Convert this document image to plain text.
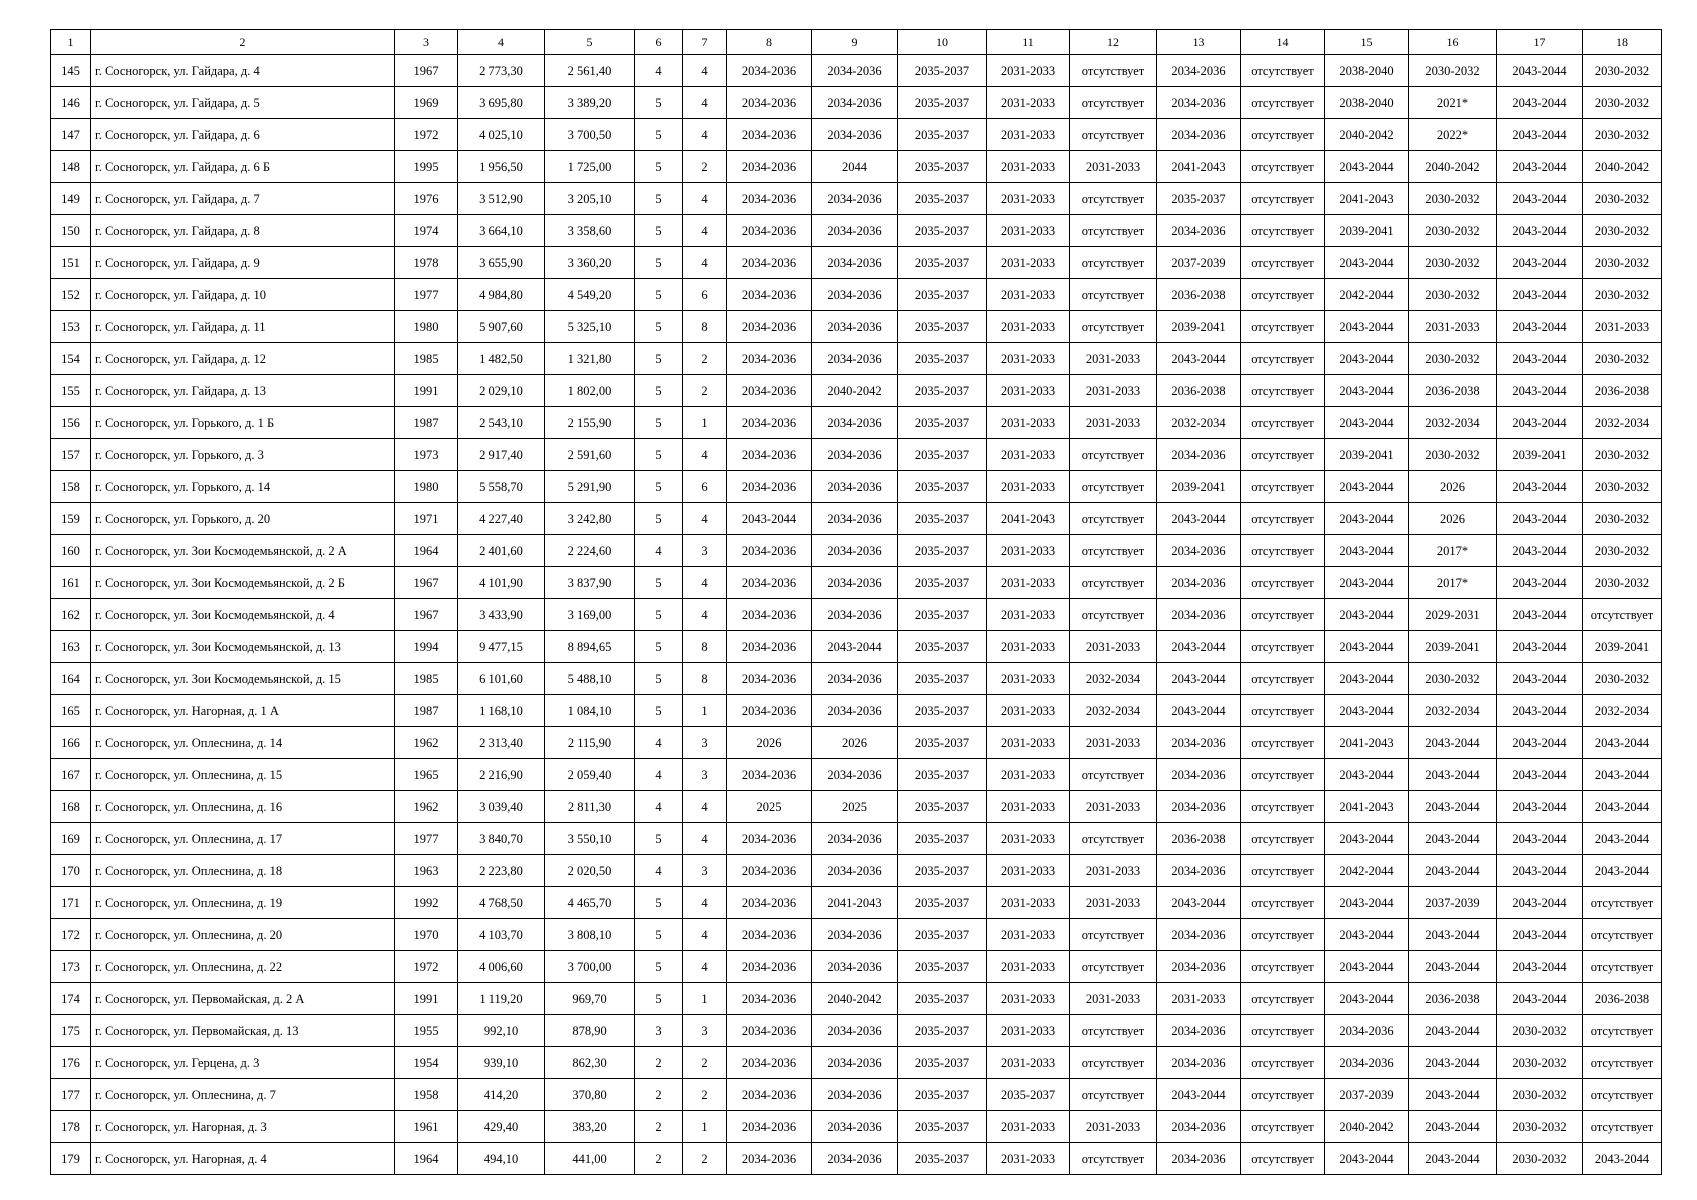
1	2	3	4	5	6	7	8	9	10	11	12	13	14	15	16	17	18
145	г. Сосногорск, ул. Гайдара, д. 4	1967	2 773,30	2 561,40	4	4	2034-2036	2034-2036	2035-2037	2031-2033	отсутствует	2034-2036	отсутствует	2038-2040	2030-2032	2043-2044	2030-2032
146	г. Сосногорск, ул. Гайдара, д. 5	1969	3 695,80	3 389,20	5	4	2034-2036	2034-2036	2035-2037	2031-2033	отсутствует	2034-2036	отсутствует	2038-2040	2021*	2043-2044	2030-2032
147	г. Сосногорск, ул. Гайдара, д. 6	1972	4 025,10	3 700,50	5	4	2034-2036	2034-2036	2035-2037	2031-2033	отсутствует	2034-2036	отсутствует	2040-2042	2022*	2043-2044	2030-2032
148	г. Сосногорск, ул. Гайдара, д. 6 Б	1995	1 956,50	1 725,00	5	2	2034-2036	2044	2035-2037	2031-2033	2031-2033	2041-2043	отсутствует	2043-2044	2040-2042	2043-2044	2040-2042
149	г. Сосногорск, ул. Гайдара, д. 7	1976	3 512,90	3 205,10	5	4	2034-2036	2034-2036	2035-2037	2031-2033	отсутствует	2035-2037	отсутствует	2041-2043	2030-2032	2043-2044	2030-2032
150	г. Сосногорск, ул. Гайдара, д. 8	1974	3 664,10	3 358,60	5	4	2034-2036	2034-2036	2035-2037	2031-2033	отсутствует	2034-2036	отсутствует	2039-2041	2030-2032	2043-2044	2030-2032
151	г. Сосногорск, ул. Гайдара, д. 9	1978	3 655,90	3 360,20	5	4	2034-2036	2034-2036	2035-2037	2031-2033	отсутствует	2037-2039	отсутствует	2043-2044	2030-2032	2043-2044	2030-2032
152	г. Сосногорск, ул. Гайдара, д. 10	1977	4 984,80	4 549,20	5	6	2034-2036	2034-2036	2035-2037	2031-2033	отсутствует	2036-2038	отсутствует	2042-2044	2030-2032	2043-2044	2030-2032
153	г. Сосногорск, ул. Гайдара, д. 11	1980	5 907,60	5 325,10	5	8	2034-2036	2034-2036	2035-2037	2031-2033	отсутствует	2039-2041	отсутствует	2043-2044	2031-2033	2043-2044	2031-2033
154	г. Сосногорск, ул. Гайдара, д. 12	1985	1 482,50	1 321,80	5	2	2034-2036	2034-2036	2035-2037	2031-2033	2031-2033	2043-2044	отсутствует	2043-2044	2030-2032	2043-2044	2030-2032
155	г. Сосногорск, ул. Гайдара, д. 13	1991	2 029,10	1 802,00	5	2	2034-2036	2040-2042	2035-2037	2031-2033	2031-2033	2036-2038	отсутствует	2043-2044	2036-2038	2043-2044	2036-2038
156	г. Сосногорск, ул. Горького, д. 1 Б	1987	2 543,10	2 155,90	5	1	2034-2036	2034-2036	2035-2037	2031-2033	2031-2033	2032-2034	отсутствует	2043-2044	2032-2034	2043-2044	2032-2034
157	г. Сосногорск, ул. Горького, д. 3	1973	2 917,40	2 591,60	5	4	2034-2036	2034-2036	2035-2037	2031-2033	отсутствует	2034-2036	отсутствует	2039-2041	2030-2032	2039-2041	2030-2032
158	г. Сосногорск, ул. Горького, д. 14	1980	5 558,70	5 291,90	5	6	2034-2036	2034-2036	2035-2037	2031-2033	отсутствует	2039-2041	отсутствует	2043-2044	2026	2043-2044	2030-2032
159	г. Сосногорск, ул. Горького, д. 20	1971	4 227,40	3 242,80	5	4	2043-2044	2034-2036	2035-2037	2041-2043	отсутствует	2043-2044	отсутствует	2043-2044	2026	2043-2044	2030-2032
160	г. Сосногорск, ул. Зои Космодемьянской, д. 2 А	1964	2 401,60	2 224,60	4	3	2034-2036	2034-2036	2035-2037	2031-2033	отсутствует	2034-2036	отсутствует	2043-2044	2017*	2043-2044	2030-2032
161	г. Сосногорск, ул. Зои Космодемьянской, д. 2 Б	1967	4 101,90	3 837,90	5	4	2034-2036	2034-2036	2035-2037	2031-2033	отсутствует	2034-2036	отсутствует	2043-2044	2017*	2043-2044	2030-2032
162	г. Сосногорск, ул. Зои Космодемьянской, д. 4	1967	3 433,90	3 169,00	5	4	2034-2036	2034-2036	2035-2037	2031-2033	отсутствует	2034-2036	отсутствует	2043-2044	2029-2031	2043-2044	отсутствует
163	г. Сосногорск, ул. Зои Космодемьянской, д. 13	1994	9 477,15	8 894,65	5	8	2034-2036	2043-2044	2035-2037	2031-2033	2031-2033	2043-2044	отсутствует	2043-2044	2039-2041	2043-2044	2039-2041
164	г. Сосногорск, ул. Зои Космодемьянской, д. 15	1985	6 101,60	5 488,10	5	8	2034-2036	2034-2036	2035-2037	2031-2033	2032-2034	2043-2044	отсутствует	2043-2044	2030-2032	2043-2044	2030-2032
165	г. Сосногорск, ул. Нагорная, д. 1 А	1987	1 168,10	1 084,10	5	1	2034-2036	2034-2036	2035-2037	2031-2033	2032-2034	2043-2044	отсутствует	2043-2044	2032-2034	2043-2044	2032-2034
166	г. Сосногорск, ул. Оплеснина, д. 14	1962	2 313,40	2 115,90	4	3	2026	2026	2035-2037	2031-2033	2031-2033	2034-2036	отсутствует	2041-2043	2043-2044	2043-2044	2043-2044
167	г. Сосногорск, ул. Оплеснина, д. 15	1965	2 216,90	2 059,40	4	3	2034-2036	2034-2036	2035-2037	2031-2033	отсутствует	2034-2036	отсутствует	2043-2044	2043-2044	2043-2044	2043-2044
168	г. Сосногорск, ул. Оплеснина, д. 16	1962	3 039,40	2 811,30	4	4	2025	2025	2035-2037	2031-2033	2031-2033	2034-2036	отсутствует	2041-2043	2043-2044	2043-2044	2043-2044
169	г. Сосногорск, ул. Оплеснина, д. 17	1977	3 840,70	3 550,10	5	4	2034-2036	2034-2036	2035-2037	2031-2033	отсутствует	2036-2038	отсутствует	2043-2044	2043-2044	2043-2044	2043-2044
170	г. Сосногорск, ул. Оплеснина, д. 18	1963	2 223,80	2 020,50	4	3	2034-2036	2034-2036	2035-2037	2031-2033	2031-2033	2034-2036	отсутствует	2042-2044	2043-2044	2043-2044	2043-2044
171	г. Сосногорск, ул. Оплеснина, д. 19	1992	4 768,50	4 465,70	5	4	2034-2036	2041-2043	2035-2037	2031-2033	2031-2033	2043-2044	отсутствует	2043-2044	2037-2039	2043-2044	отсутствует
172	г. Сосногорск, ул. Оплеснина, д. 20	1970	4 103,70	3 808,10	5	4	2034-2036	2034-2036	2035-2037	2031-2033	отсутствует	2034-2036	отсутствует	2043-2044	2043-2044	2043-2044	отсутствует
173	г. Сосногорск, ул. Оплеснина, д. 22	1972	4 006,60	3 700,00	5	4	2034-2036	2034-2036	2035-2037	2031-2033	отсутствует	2034-2036	отсутствует	2043-2044	2043-2044	2043-2044	отсутствует
174	г. Сосногорск, ул. Первомайская, д. 2 А	1991	1 119,20	969,70	5	1	2034-2036	2040-2042	2035-2037	2031-2033	2031-2033	2031-2033	отсутствует	2043-2044	2036-2038	2043-2044	2036-2038
175	г. Сосногорск, ул. Первомайская, д. 13	1955	992,10	878,90	3	3	2034-2036	2034-2036	2035-2037	2031-2033	отсутствует	2034-2036	отсутствует	2034-2036	2043-2044	2030-2032	отсутствует
176	г. Сосногорск, ул. Герцена, д. 3	1954	939,10	862,30	2	2	2034-2036	2034-2036	2035-2037	2031-2033	отсутствует	2034-2036	отсутствует	2034-2036	2043-2044	2030-2032	отсутствует
177	г. Сосногорск, ул. Оплеснина, д. 7	1958	414,20	370,80	2	2	2034-2036	2034-2036	2035-2037	2035-2037	отсутствует	2043-2044	отсутствует	2037-2039	2043-2044	2030-2032	отсутствует
178	г. Сосногорск, ул. Нагорная, д. 3	1961	429,40	383,20	2	1	2034-2036	2034-2036	2035-2037	2031-2033	2031-2033	2034-2036	отсутствует	2040-2042	2043-2044	2030-2032	отсутствует
179	г. Сосногорск, ул. Нагорная, д. 4	1964	494,10	441,00	2	2	2034-2036	2034-2036	2035-2037	2031-2033	отсутствует	2034-2036	отсутствует	2043-2044	2043-2044	2030-2032	2043-2044
